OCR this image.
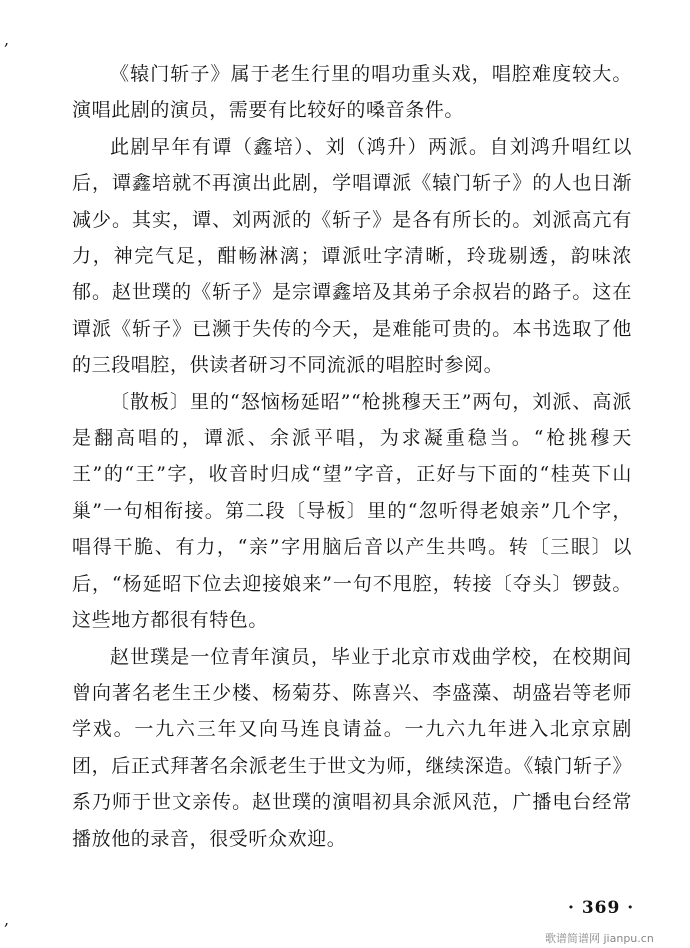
,

《辕门斩子》属于老生行里的唱功重头戏，唱腔难度较大。演唱此剧的演员，需要有比较好的嗓音条件。

此剧早年有谭（鑫培）、刘（鸿升）两派。自刘鸿升唱红以后，谭鑫培就不再演出此剧，学唱谭派《辕门斩子》的人也日渐减少。其实，谭、刘两派的《斩子》是各有所长的。刘派高亢有力，神完气足，酣畅淋漓；谭派吐字清晰，玲珑剔透，韵味浓郁。赵世璞的《斩子》是宗谭鑫培及其弟子余叔岩的路子。这在谭派《斩子》已濒于失传的今天，是难能可贵的。本书选取了他的三段唱腔，供读者研习不同流派的唱腔时参阅。

〔散板〕里的“怒恼杨延昭”“枪挑穆天王”两句，刘派、高派是翻高唱的，谭派、余派平唱，为求凝重稳当。“枪挑穆天王”的“王”字，收音时归成“望”字音，正好与下面的“桂英下山巢”一句相衔接。第二段〔导板〕里的“忽听得老娘亲”几个字，唱得干脆、有力，“亲”字用脑后音以产生共鸣。转〔三眼〕以后，“杨延昭下位去迎接娘来”一句不甩腔，转接〔夺头〕锣鼓。这些地方都很有特色。

赵世璞是一位青年演员，毕业于北京市戏曲学校，在校期间曾向著名老生王少楼、杨菊芬、陈喜兴、李盛藻、胡盛岩等老师学戏。一九六三年又向马连良请益。一九六九年进入北京京剧团，后正式拜著名余派老生于世文为师，继续深造。《辕门斩子》系乃师于世文亲传。赵世璞的演唱初具余派风范，广播电台经常播放他的录音，很受听众欢迎。

· 369 ·
,
歌谱简谱网 jianpu.cn
